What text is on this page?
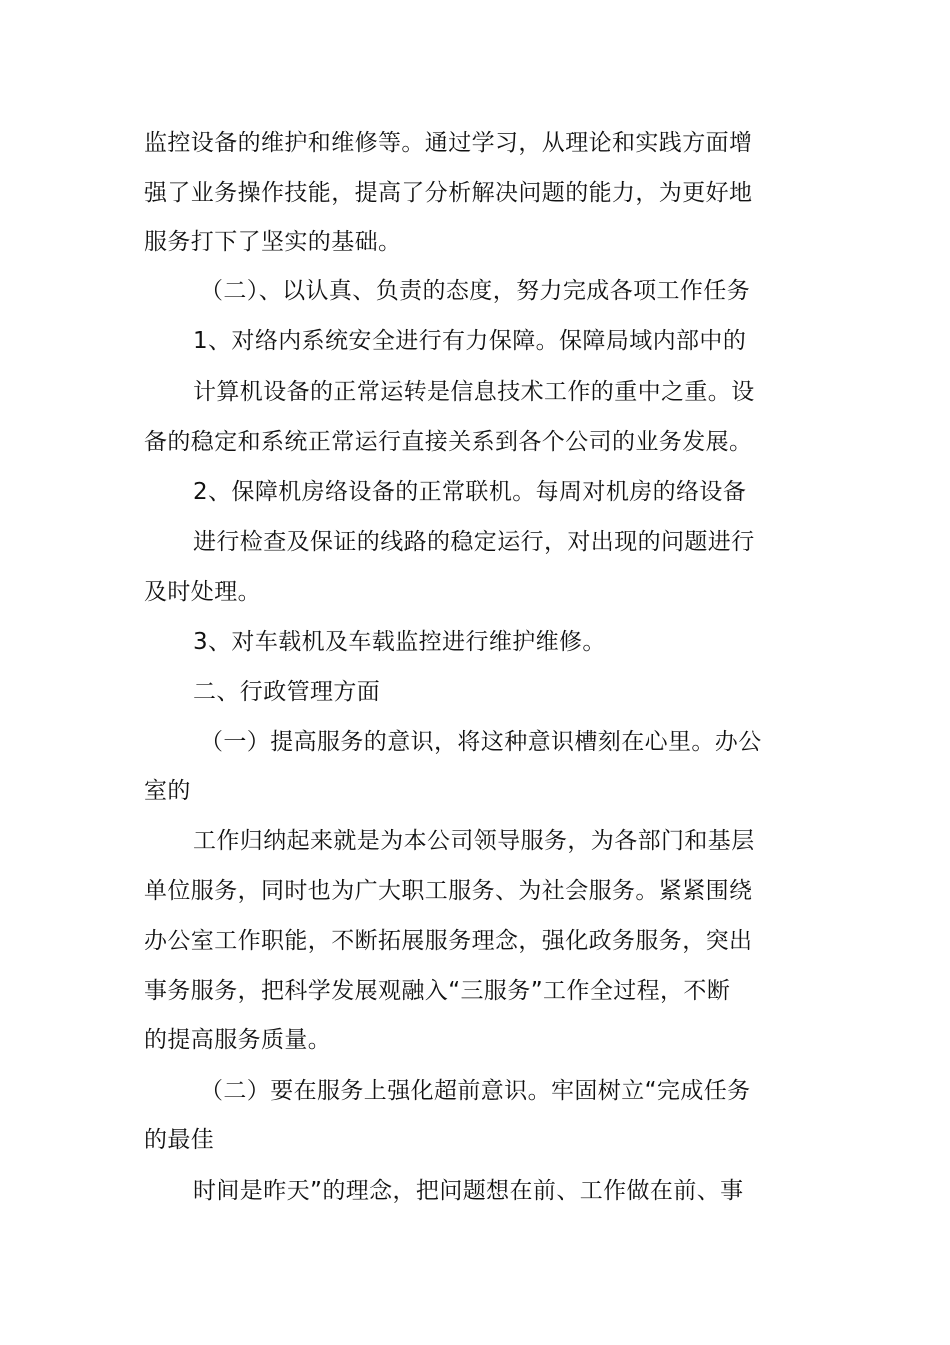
监控设备的维护和维修等。通过学习，从理论和实践方面增
强了业务操作技能，提高了分析解决问题的能力，为更好地
服务打下了坚实的基础。
（二）、以认真、负责的态度，努力完成各项工作任务
1、对络内系统安全进行有力保障。保障局域内部中的
计算机设备的正常运转是信息技术工作的重中之重。设
备的稳定和系统正常运行直接关系到各个公司的业务发展。
2、保障机房络设备的正常联机。每周对机房的络设备
进行检查及保证的线路的稳定运行，对出现的问题进行
及时处理。
3、对车载机及车载监控进行维护维修。
二、行政管理方面
（一）提高服务的意识，将这种意识槽刻在心里。办公
室的
工作归纳起来就是为本公司领导服务，为各部门和基层
单位服务，同时也为广大职工服务、为社会服务。紧紧围绕
办公室工作职能，不断拓展服务理念，强化政务服务，突出
事务服务，把科学发展观融入“三服务”工作全过程，不断
的提高服务质量。
（二）要在服务上强化超前意识。牢固树立“完成任务
的最佳
时间是昨天”的理念，把问题想在前、工作做在前、事
